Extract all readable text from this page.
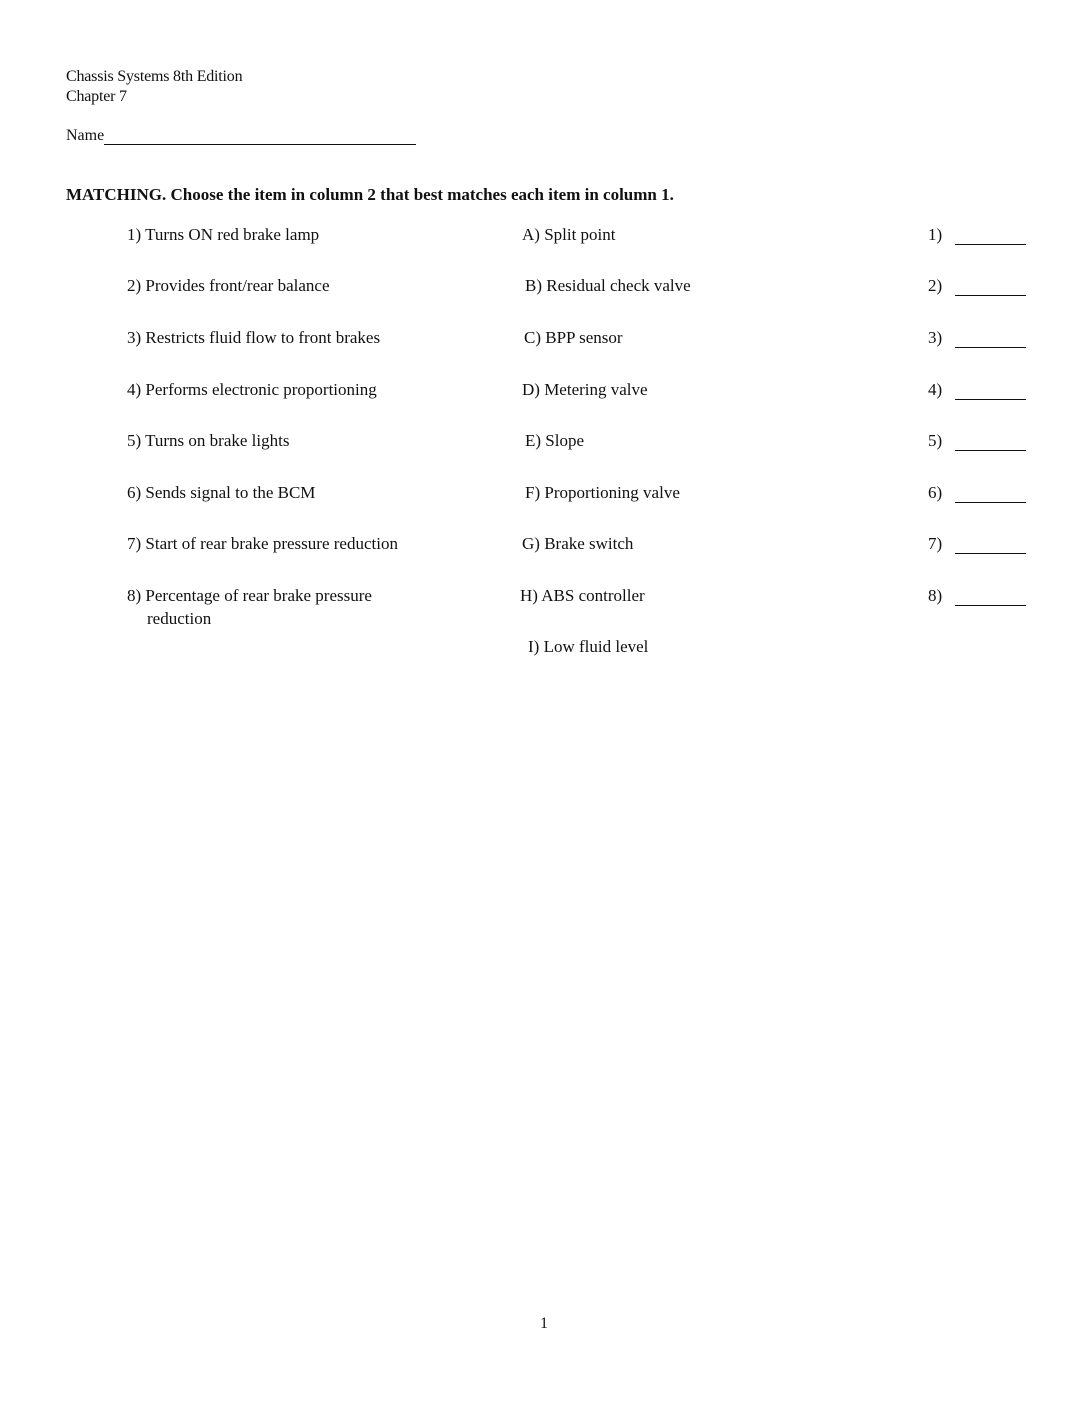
Chassis Systems 8th Edition
Chapter 7
Name
MATCHING. Choose the item in column 2 that best matches each item in column 1.
1) Turns ON red brake lamp	A) Split point	1)
2) Provides front/rear balance	B) Residual check valve	2)
3) Restricts fluid flow to front brakes	C) BPP sensor	3)
4) Performs electronic proportioning	D) Metering valve	4)
5) Turns on brake lights	E) Slope	5)
6) Sends signal to the BCM	F) Proportioning valve	6)
7) Start of rear brake pressure reduction	G) Brake switch	7)
8) Percentage of rear brake pressure
reduction
H) ABS controller	8)
I) Low fluid level
1
